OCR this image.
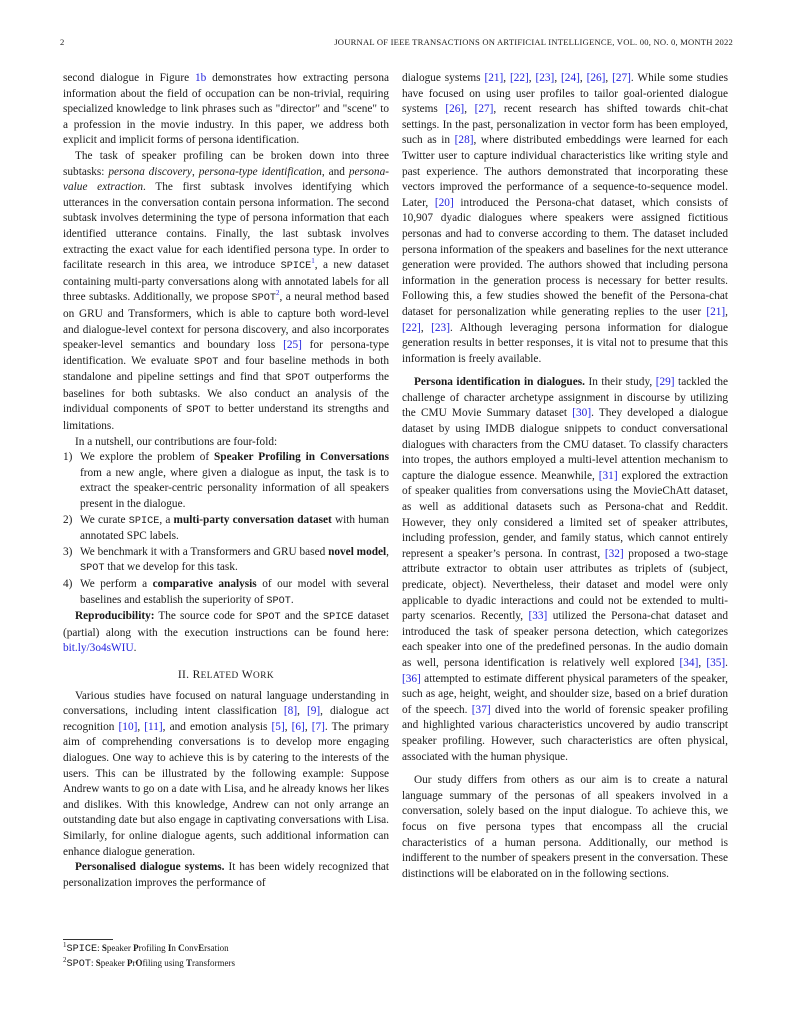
2	JOURNAL OF IEEE TRANSACTIONS ON ARTIFICIAL INTELLIGENCE, VOL. 00, NO. 0, MONTH 2022

second dialogue in Figure 1b demonstrates how extracting persona information about the field of occupation can be non-trivial, requiring specialized knowledge to link phrases such as "director" and "scene" to a profession in the movie industry. In this paper, we address both explicit and implicit forms of persona identification.

The task of speaker profiling can be broken down into three subtasks: persona discovery, persona-type identification, and persona-value extraction. The first subtask involves identifying which utterances in the conversation contain persona information. The second subtask involves determining the type of persona information that each identified utterance contains. Finally, the last subtask involves extracting the exact value for each identified persona type. In order to facilitate research in this area, we introduce SPICE$^1$, a new dataset containing multi-party conversations along with annotated labels for all three subtasks. Additionally, we propose SPOT$^2$, a neural method based on GRU and Transformers, which is able to capture both word-level and dialogue-level context for persona discovery, and also incorporates speaker-level semantics and boundary loss [25] for persona-type identification. We evaluate SPOT and four baseline methods in both standalone and pipeline settings and find that SPOT outperforms the baselines for both subtasks. We also conduct an analysis of the individual components of SPOT to better understand its strengths and limitations.

In a nutshell, our contributions are four-fold:

1) We explore the problem of Speaker Profiling in Conversations from a new angle, where given a dialogue as input, the task is to extract the speaker-centric personality information of all speakers present in the dialogue.
2) We curate SPICE, a multi-party conversation dataset with human annotated SPC labels.
3) We benchmark it with a Transformers and GRU based novel model, SPOT that we develop for this task.
4) We perform a comparative analysis of our model with several baselines and establish the superiority of SPOT.

Reproducibility: The source code for SPOT and the SPICE dataset (partial) along with the execution instructions can be found here: bit.ly/3o4sWIU.

II. RELATED WORK

Various studies have focused on natural language understanding in conversations, including intent classification [8], [9], dialogue act recognition [10], [11], and emotion analysis [5], [6], [7]. The primary aim of comprehending conversations is to develop more engaging dialogues. One way to achieve this is by catering to the interests of the users. This can be illustrated by the following example: Suppose Andrew wants to go on a date with Lisa, and he already knows her likes and dislikes. With this knowledge, Andrew can not only arrange an outstanding date but also engage in captivating conversations with Lisa. Similarly, for online dialogue agents, such additional information can enhance dialogue generation.

Personalised dialogue systems. It has been widely recognized that personalization improves the performance of

$^1$SPICE: Speaker Profiling In ConvErsation
$^2$SPOT: Speaker PrOfiling using Transformers

dialogue systems [21], [22], [23], [24], [26], [27]. While some studies have focused on using user profiles to tailor goal-oriented dialogue systems [26], [27], recent research has shifted towards chit-chat settings. In the past, personalization in vector form has been employed, such as in [28], where distributed embeddings were learned for each Twitter user to capture individual characteristics like writing style and past experience. The authors demonstrated that incorporating these vectors improved the performance of a sequence-to-sequence model. Later, [20] introduced the Persona-chat dataset, which consists of 10,907 dyadic dialogues where speakers were assigned fictitious personas and had to converse according to them. The dataset included persona information of the speakers and baselines for the next utterance generation were provided. The authors showed that including persona information in the generation process is necessary for better results. Following this, a few studies showed the benefit of the Persona-chat dataset for personalization while generating replies to the user [21], [22], [23]. Although leveraging persona information for dialogue generation results in better responses, it is vital not to presume that this information is freely available.

Persona identification in dialogues. In their study, [29] tackled the challenge of character archetype assignment in discourse by utilizing the CMU Movie Summary dataset [30]. They developed a dialogue dataset by using IMDB dialogue snippets to conduct conversational dialogues with characters from the CMU dataset. To classify characters into tropes, the authors employed a multi-level attention mechanism to capture the dialogue essence. Meanwhile, [31] explored the extraction of speaker qualities from conversations using the MovieChAtt dataset, as well as additional datasets such as Persona-chat and Reddit. However, they only considered a limited set of speaker attributes, including profession, gender, and family status, which cannot entirely represent a speaker’s persona. In contrast, [32] proposed a two-stage attribute extractor to obtain user attributes as triplets of (subject, predicate, object). Nevertheless, their dataset and model were only applicable to dyadic interactions and could not be extended to multi-party scenarios. Recently, [33] utilized the Persona-chat dataset and introduced the task of speaker persona detection, which categorizes each speaker into one of the predefined personas. In the audio domain as well, persona identification is relatively well explored [34], [35]. [36] attempted to estimate different physical parameters of the speaker, such as age, height, weight, and shoulder size, based on a brief duration of the speech. [37] dived into the world of forensic speaker profiling and highlighted various characteristics uncovered by audio transcript speaker profiling. However, such characteristics are often physical, associated with the human physique.

Our study differs from others as our aim is to create a natural language summary of the personas of all speakers involved in a conversation, solely based on the input dialogue. To achieve this, we focus on five persona types that encompass all the crucial characteristics of a human persona. Additionally, our method is indifferent to the number of speakers present in the conversation. These distinctions will be elaborated on in the following sections.
